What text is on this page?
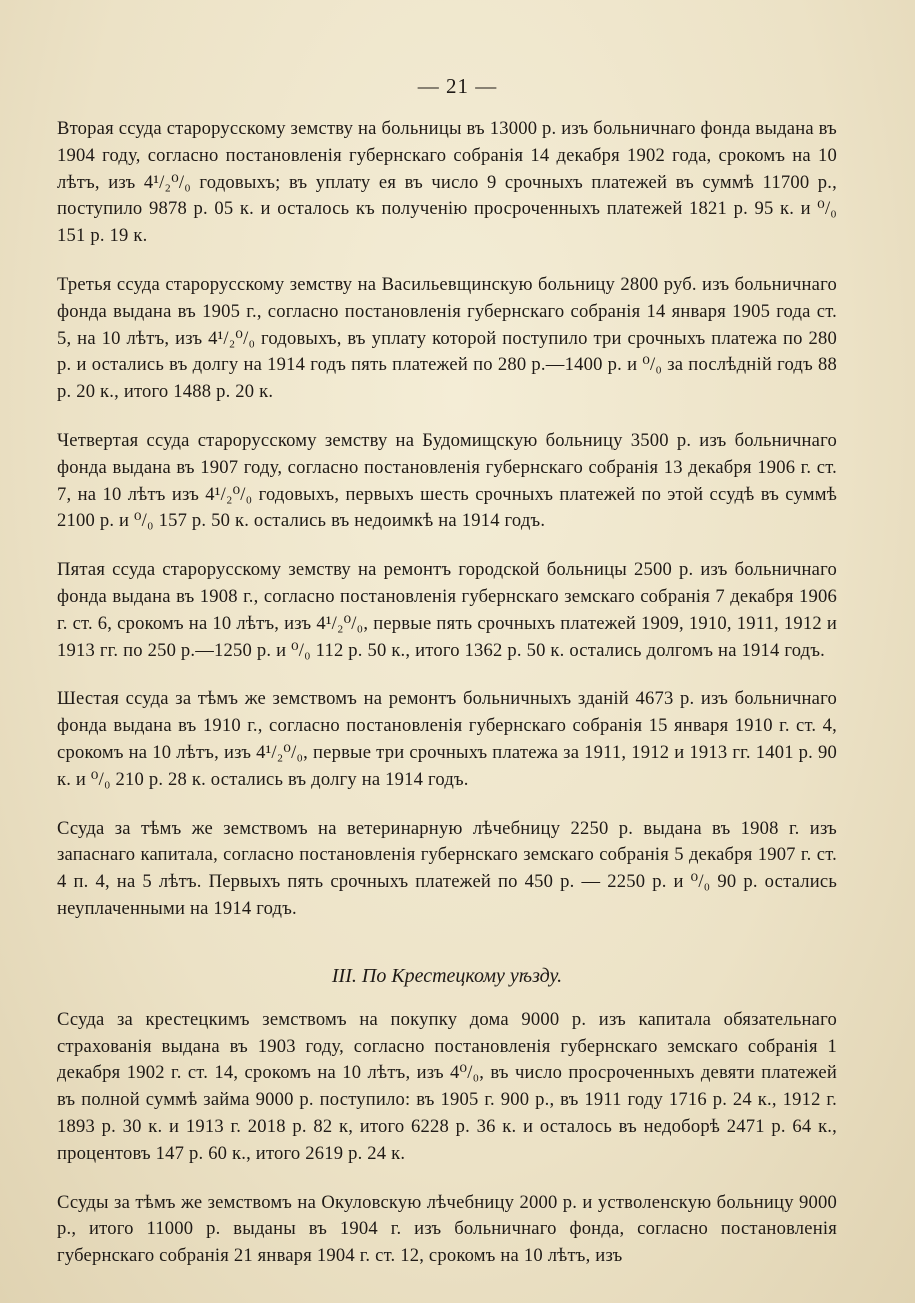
— 21 —

Вторая ссуда старорусскому земству на больницы въ 13000 р. изъ больничнаго фонда выдана въ 1904 году, согласно постановленія губернскаго собранія 14 декабря 1902 года, срокомъ на 10 лѣтъ, изъ 4¹/₂⁰/₀ годовыхъ; въ уплату ея въ число 9 срочныхъ платежей въ суммѣ 11700 р., поступило 9878 р. 05 к. и осталось къ полученію просроченныхъ платежей 1821 р. 95 к. и ⁰/₀ 151 р. 19 к.

Третья ссуда старорусскому земству на Васильевщинскую больницу 2800 руб. изъ больничнаго фонда выдана въ 1905 г., согласно постановленія губернскаго собранія 14 января 1905 года ст. 5, на 10 лѣтъ, изъ 4¹/₂⁰/₀ годовыхъ, въ уплату которой поступило три срочныхъ платежа по 280 р. и остались въ долгу на 1914 годъ пять платежей по 280 р.—1400 р. и ⁰/₀ за послѣдній годъ 88 р. 20 к., итого 1488 р. 20 к.

Четвертая ссуда старорусскому земству на Будомищскую больницу 3500 р. изъ больничнаго фонда выдана въ 1907 году, согласно постановленія губернскаго собранія 13 декабря 1906 г. ст. 7, на 10 лѣтъ изъ 4¹/₂⁰/₀ годовыхъ, первыхъ шесть срочныхъ платежей по этой ссудѣ въ суммѣ 2100 р. и ⁰/₀ 157 р. 50 к. остались въ недоимкѣ на 1914 годъ.

Пятая ссуда старорусскому земству на ремонтъ городской больницы 2500 р. изъ больничнаго фонда выдана въ 1908 г., согласно постановленія губернскаго земскаго собранія 7 декабря 1906 г. ст. 6, срокомъ на 10 лѣтъ, изъ 4¹/₂⁰/₀, первые пять срочныхъ платежей 1909, 1910, 1911, 1912 и 1913 гг. по 250 р.—1250 р. и ⁰/₀ 112 р. 50 к., итого 1362 р. 50 к. остались долгомъ на 1914 годъ.

Шестая ссуда за тѣмъ же земствомъ на ремонтъ больничныхъ зданій 4673 р. изъ больничнаго фонда выдана въ 1910 г., согласно постановленія губернскаго собранія 15 января 1910 г. ст. 4, срокомъ на 10 лѣтъ, изъ 4¹/₂⁰/₀, первые три срочныхъ платежа за 1911, 1912 и 1913 гг. 1401 р. 90 к. и ⁰/₀ 210 р. 28 к. остались въ долгу на 1914 годъ.

Ссуда за тѣмъ же земствомъ на ветеринарную лѣчебницу 2250 р. выдана въ 1908 г. изъ запаснаго капитала, согласно постановленія губернскаго земскаго собранія 5 декабря 1907 г. ст. 4 п. 4, на 5 лѣтъ. Первыхъ пять срочныхъ платежей по 450 р. — 2250 р. и ⁰/₀ 90 р. остались неуплаченными на 1914 годъ.

III. По Крестецкому уѣзду.

Ссуда за крестецкимъ земствомъ на покупку дома 9000 р. изъ капитала обязательнаго страхованія выдана въ 1903 году, согласно постановленія губернскаго земскаго собранія 1 декабря 1902 г. ст. 14, срокомъ на 10 лѣтъ, изъ 4⁰/₀, въ число просроченныхъ девяти платежей въ полной суммѣ займа 9000 р. поступило: въ 1905 г. 900 р., въ 1911 году 1716 р. 24 к., 1912 г. 1893 р. 30 к. и 1913 г. 2018 р. 82 к, итого 6228 р. 36 к. и осталось въ недоборѣ 2471 р. 64 к., процентовъ 147 р. 60 к., итого 2619 р. 24 к.

Ссуды за тѣмъ же земствомъ на Окуловскую лѣчебницу 2000 р. и устволенскую больницу 9000 р., итого 11000 р. выданы въ 1904 г. изъ больничнаго фонда, согласно постановленія губернскаго собранія 21 января 1904 г. ст. 12, срокомъ на 10 лѣтъ, изъ
